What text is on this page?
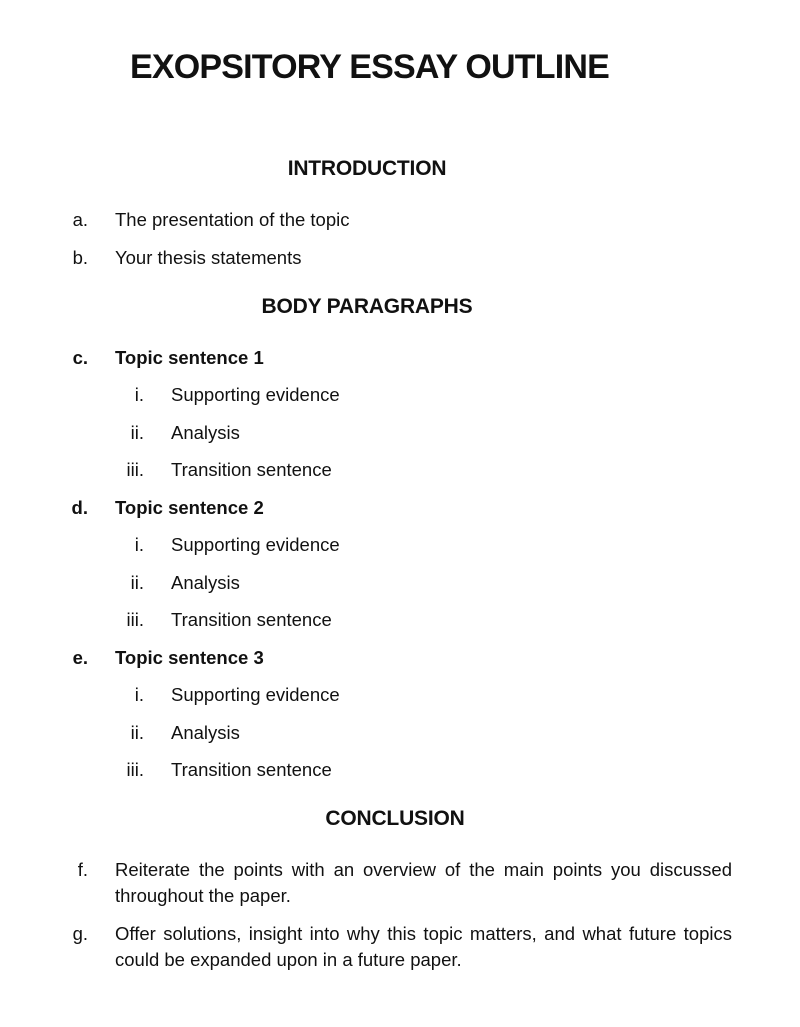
EXOPSITORY ESSAY OUTLINE
INTRODUCTION
a. The presentation of the topic
b. Your thesis statements
BODY PARAGRAPHS
c. Topic sentence 1
i. Supporting evidence
ii. Analysis
iii. Transition sentence
d. Topic sentence 2
i. Supporting evidence
ii. Analysis
iii. Transition sentence
e. Topic sentence 3
i. Supporting evidence
ii. Analysis
iii. Transition sentence
CONCLUSION
f. Reiterate the points with an overview of the main points you discussed throughout the paper.
g. Offer solutions, insight into why this topic matters, and what future topics could be expanded upon in a future paper.
